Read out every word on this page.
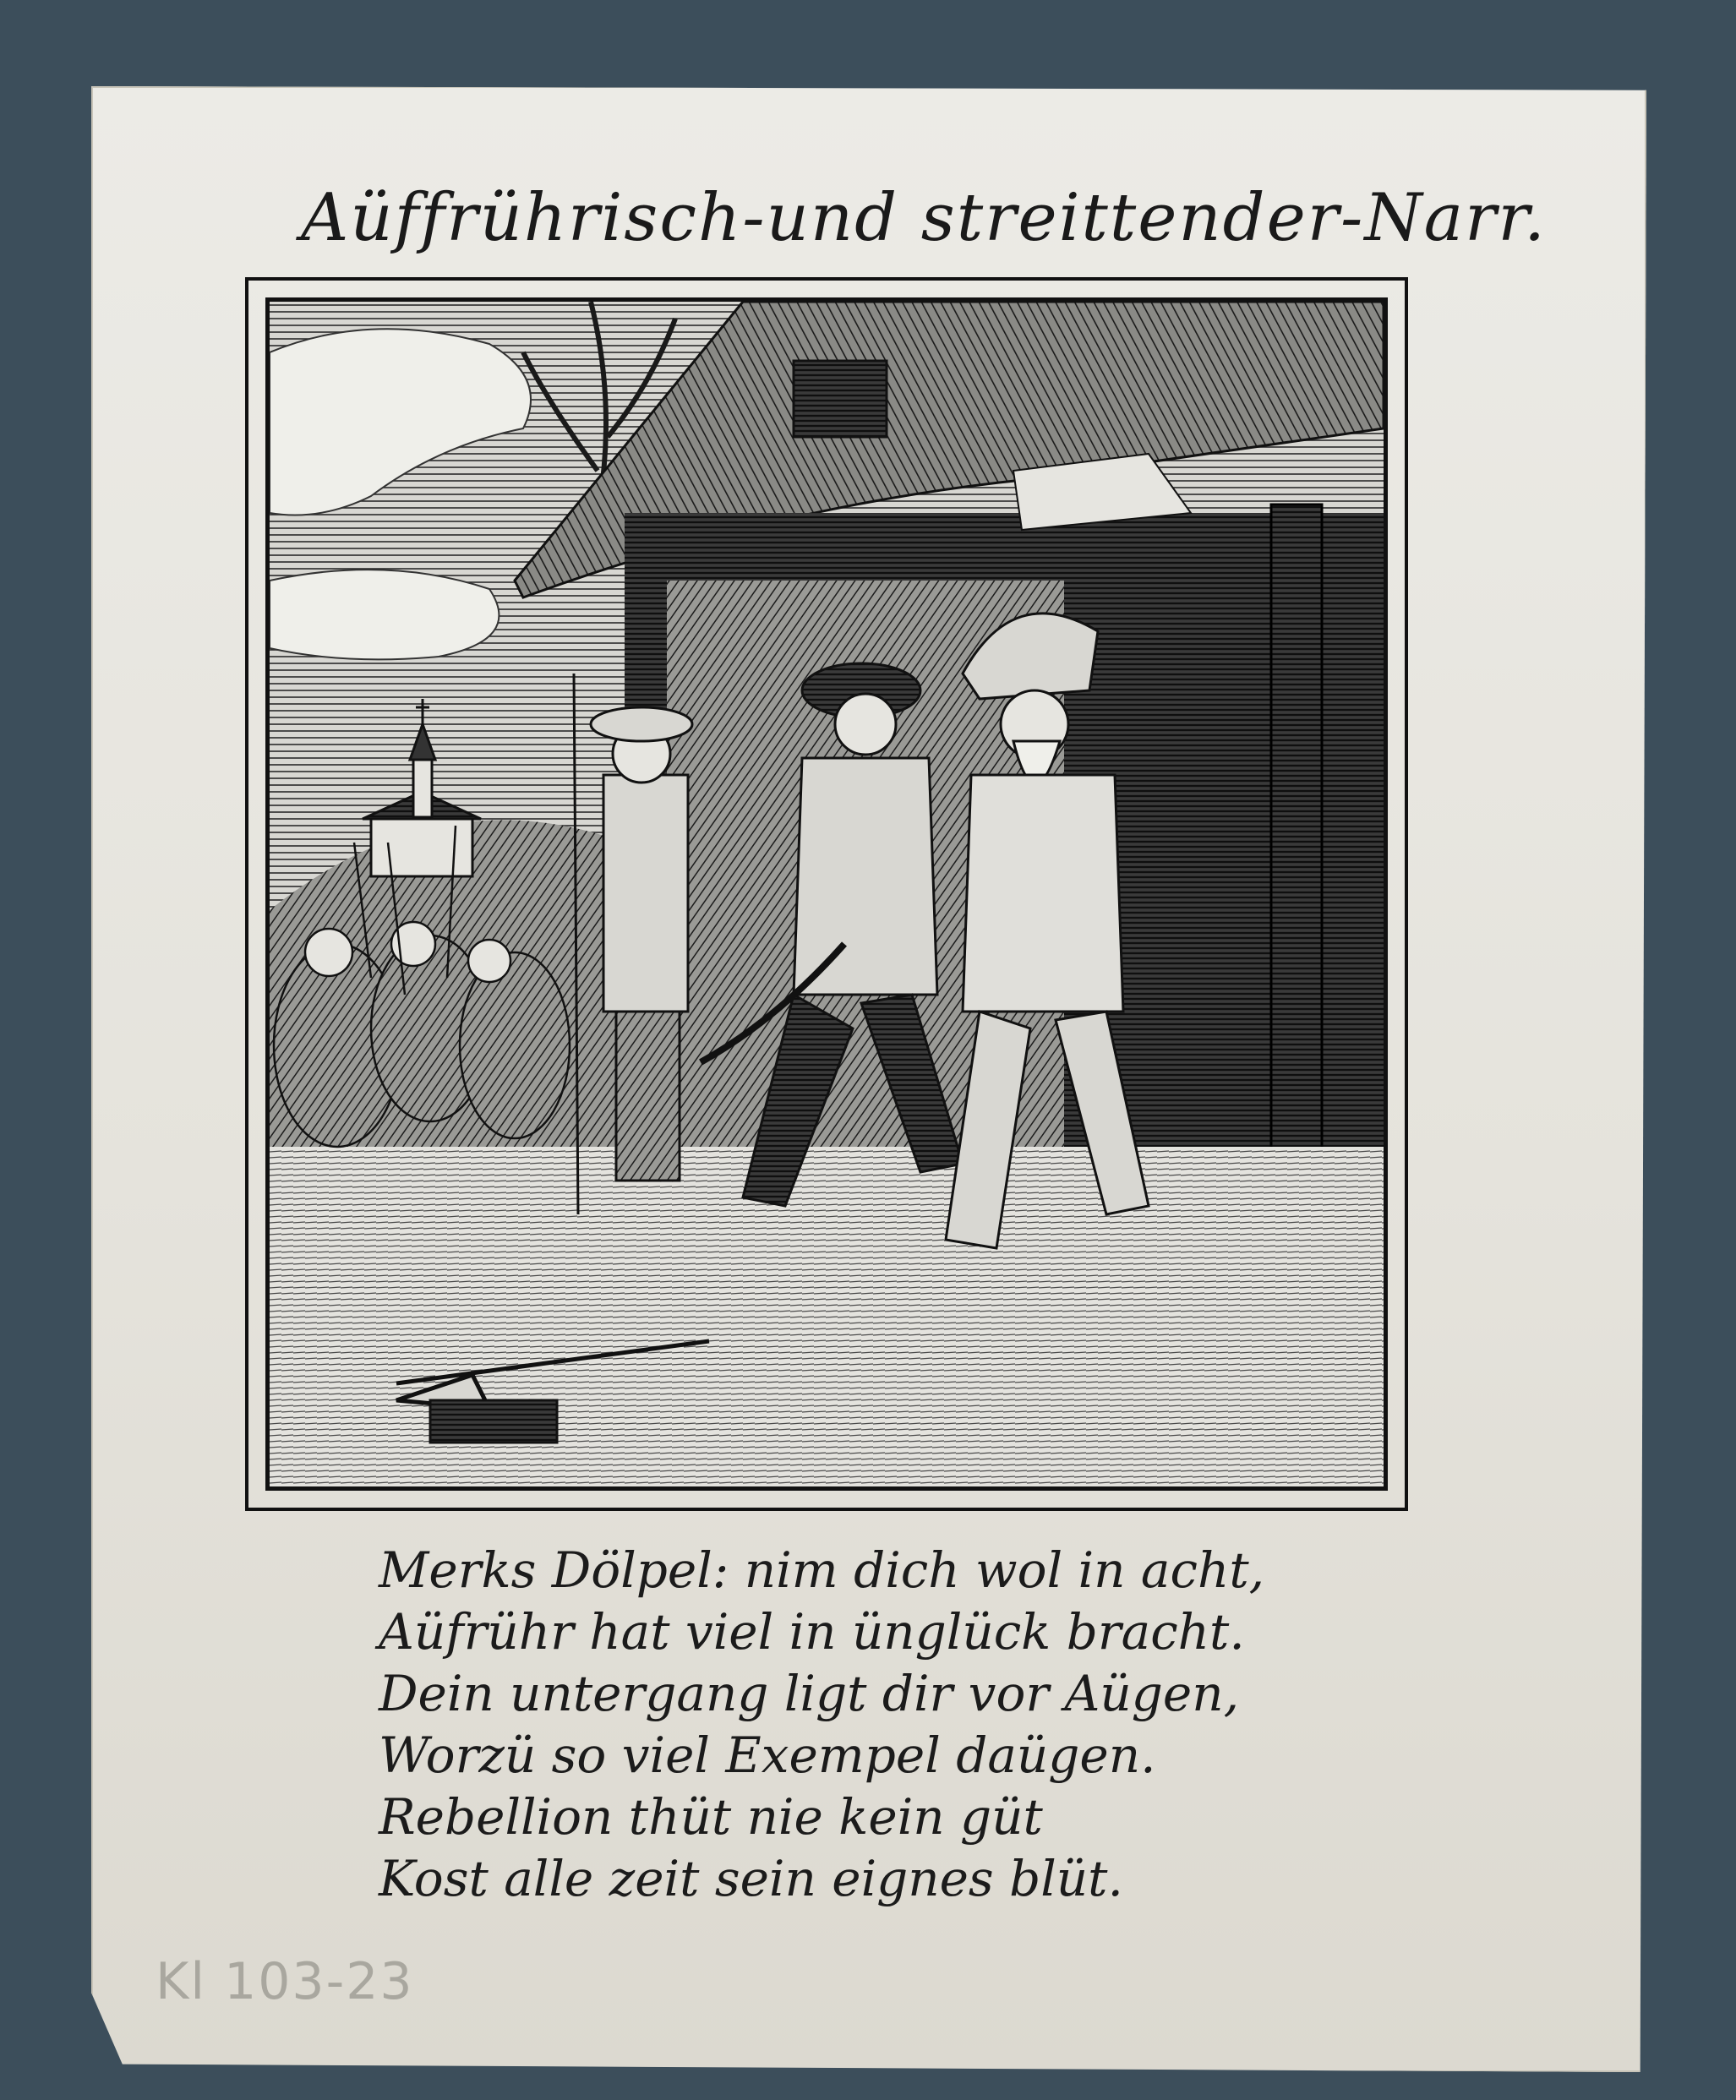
Aüffrührisch-und streittender-Narr.
Merks Dölpel: nim dich wol in acht,
Aüfrühr hat viel in ünglück bracht.
Dein untergang ligt dir vor Aügen,
Worzü so viel Exempel daügen.
Rebellion thüt nie kein güt
Kost alle zeit sein eignes blüt.
Kl 103-23
